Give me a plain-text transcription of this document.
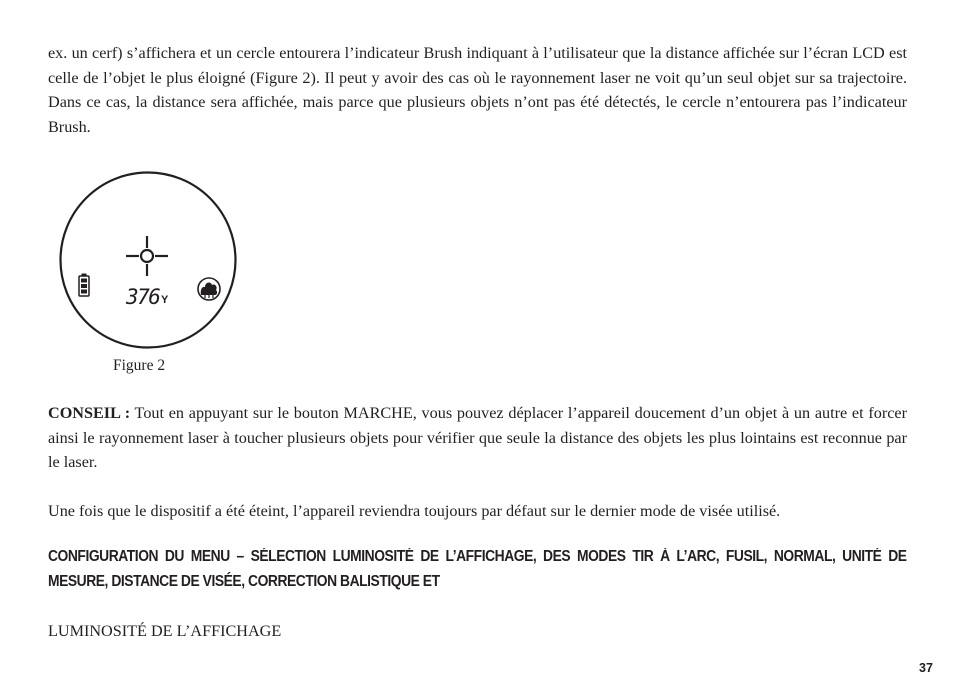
ex. un cerf) s’affichera et un cercle entourera l’indicateur Brush indiquant à l’utilisateur que la distance affichée sur l’écran LCD est celle de l’objet le plus éloigné (Figure 2). Il peut y avoir des cas où le rayonnement laser ne voit qu’un seul objet sur sa trajectoire. Dans ce cas, la distance sera affichée, mais parce que plusieurs objets n’ont pas été détectés, le cercle n’entourera pas l’indicateur Brush.

376 Y
Figure 2

CONSEIL : Tout en appuyant sur le bouton MARCHE, vous pouvez déplacer l’appareil doucement d’un objet à un autre et forcer ainsi le rayonnement laser à toucher plusieurs objets pour vérifier que seule la distance des objets les plus lointains est reconnue par le laser.

Une fois que le dispositif a été éteint, l’appareil reviendra toujours par défaut sur le dernier mode de visée utilisé.

CONFIGURATION DU MENU – SÉLECTION LUMINOSITÉ DE L’AFFICHAGE, DES MODES TIR À L’ARC, FUSIL, NORMAL, UNITÉ DE MESURE, DISTANCE DE VISÉE, CORRECTION BALISTIQUE ET

LUMINOSITÉ DE L’AFFICHAGE

37
